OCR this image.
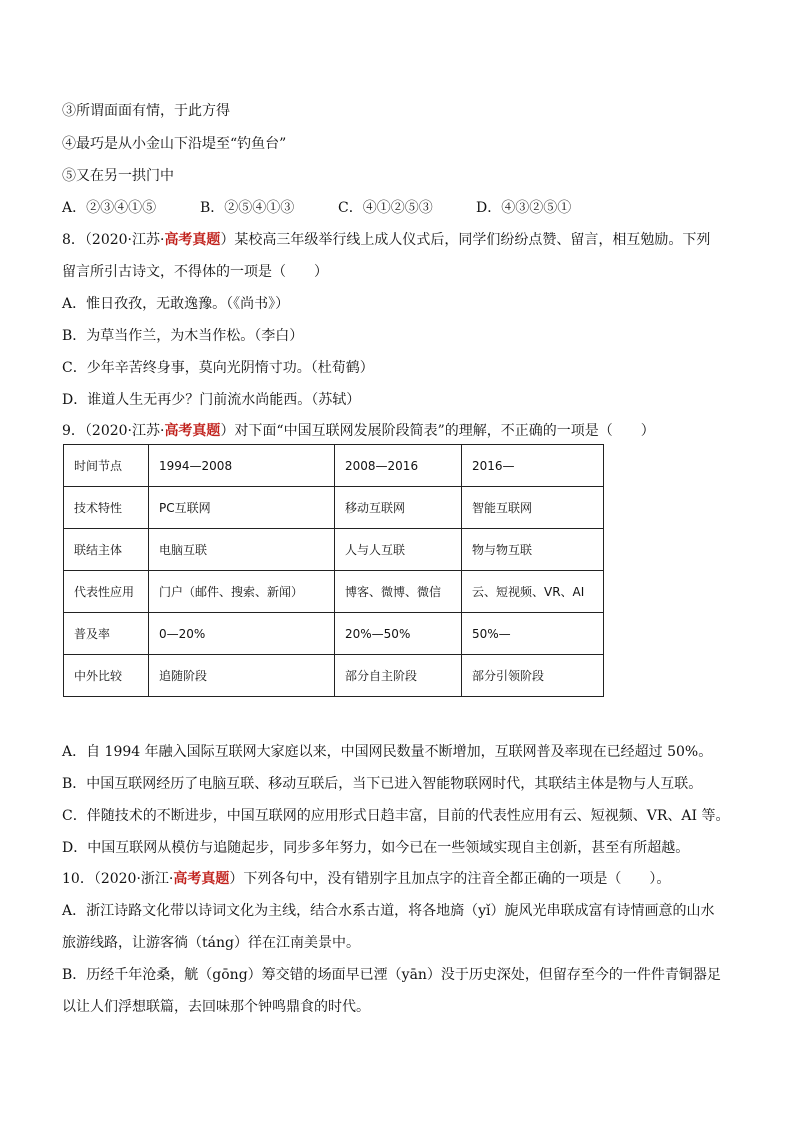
③所谓面面有情，于此方得
④最巧是从小金山下沿堤至“钓鱼台”
⑤又在另一拱门中
A．②③④①⑤	B．②⑤④①③	C．④①②⑤③	D．④③②⑤①
8．（2020·江苏·高考真题）某校高三年级举行线上成人仪式后，同学们纷纷点赞、留言，相互勉励。下列
留言所引古诗文，不得体的一项是（　　）
A．惟日孜孜，无敢逸豫。（《尚书》）
B．为草当作兰，为木当作松。（李白）
C．少年辛苦终身事，莫向光阴惰寸功。（杜荀鹤）
D．谁道人生无再少？门前流水尚能西。（苏轼）
9．（2020·江苏·高考真题）对下面“中国互联网发展阶段简表”的理解，不正确的一项是（　　）
时间节点	1994—2008	2008—2016	2016—
技术特性	PC互联网	移动互联网	智能互联网
联结主体	电脑互联	人与人互联	物与物互联
代表性应用	门户（邮件、搜索、新闻）	博客、微博、微信	云、短视频、VR、AI
普及率	0—20%	20%—50%	50%—
中外比较	追随阶段	部分自主阶段	部分引领阶段
A．自 1994 年融入国际互联网大家庭以来，中国网民数量不断增加，互联网普及率现在已经超过 50%。
B．中国互联网经历了电脑互联、移动互联后，当下已进入智能物联网时代，其联结主体是物与人互联。
C．伴随技术的不断进步，中国互联网的应用形式日趋丰富，目前的代表性应用有云、短视频、VR、AI 等。
D．中国互联网从模仿与追随起步，同步多年努力，如今已在一些领域实现自主创新，甚至有所超越。
10．（2020·浙江·高考真题）下列各句中，没有错别字且加点字的注音全都正确的一项是（　　）。
A．浙江诗路文化带以诗词文化为主线，结合水系古道，将各地旖（yǐ）旎风光串联成富有诗情画意的山水
旅游线路，让游客徜（táng）徉在江南美景中。
B．历经千年沧桑，觥（gōng）筹交错的场面早已湮（yān）没于历史深处，但留存至今的一件件青铜器足
以让人们浮想联篇，去回味那个钟鸣鼎食的时代。
